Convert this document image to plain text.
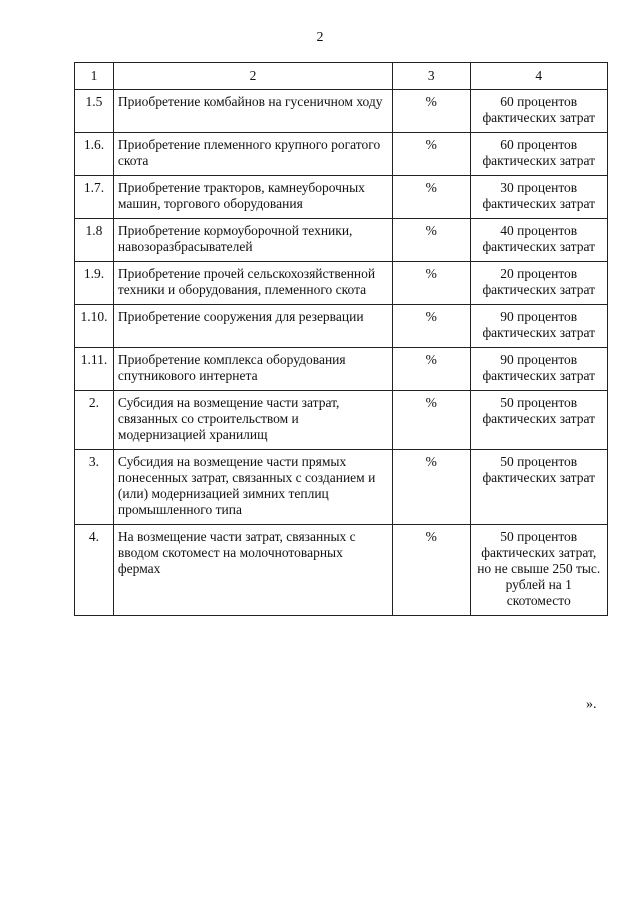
2
1	2	3	4
1.5	Приобретение комбайнов на гусеничном ходу	%	60 процентов фактических затрат
1.6.	Приобретение племенного крупного рогатого скота	%	60 процентов фактических затрат
1.7.	Приобретение тракторов, камнеуборочных машин, торгового оборудования	%	30 процентов фактических затрат
1.8	Приобретение кормоуборочной техники, навозоразбрасывателей	%	40 процентов фактических затрат
1.9.	Приобретение прочей сельскохозяйственной техники и оборудования, племенного скота	%	20 процентов фактических затрат
1.10.	Приобретение сооружения для резервации	%	90 процентов фактических затрат
1.11.	Приобретение комплекса оборудования спутникового интернета	%	90 процентов фактических затрат
2.	Субсидия на возмещение части затрат, связанных со строительством и модернизацией хранилищ	%	50 процентов фактических затрат
3.	Субсидия на возмещение части прямых понесенных затрат, связанных с созданием и (или) модернизацией зимних теплиц промышленного типа	%	50 процентов фактических затрат
4.	На возмещение части затрат, связанных с вводом скотомест на молочнотоварных фермах	%	50 процентов фактических затрат, но не свыше 250 тыс. рублей на 1 скотоместо
».
